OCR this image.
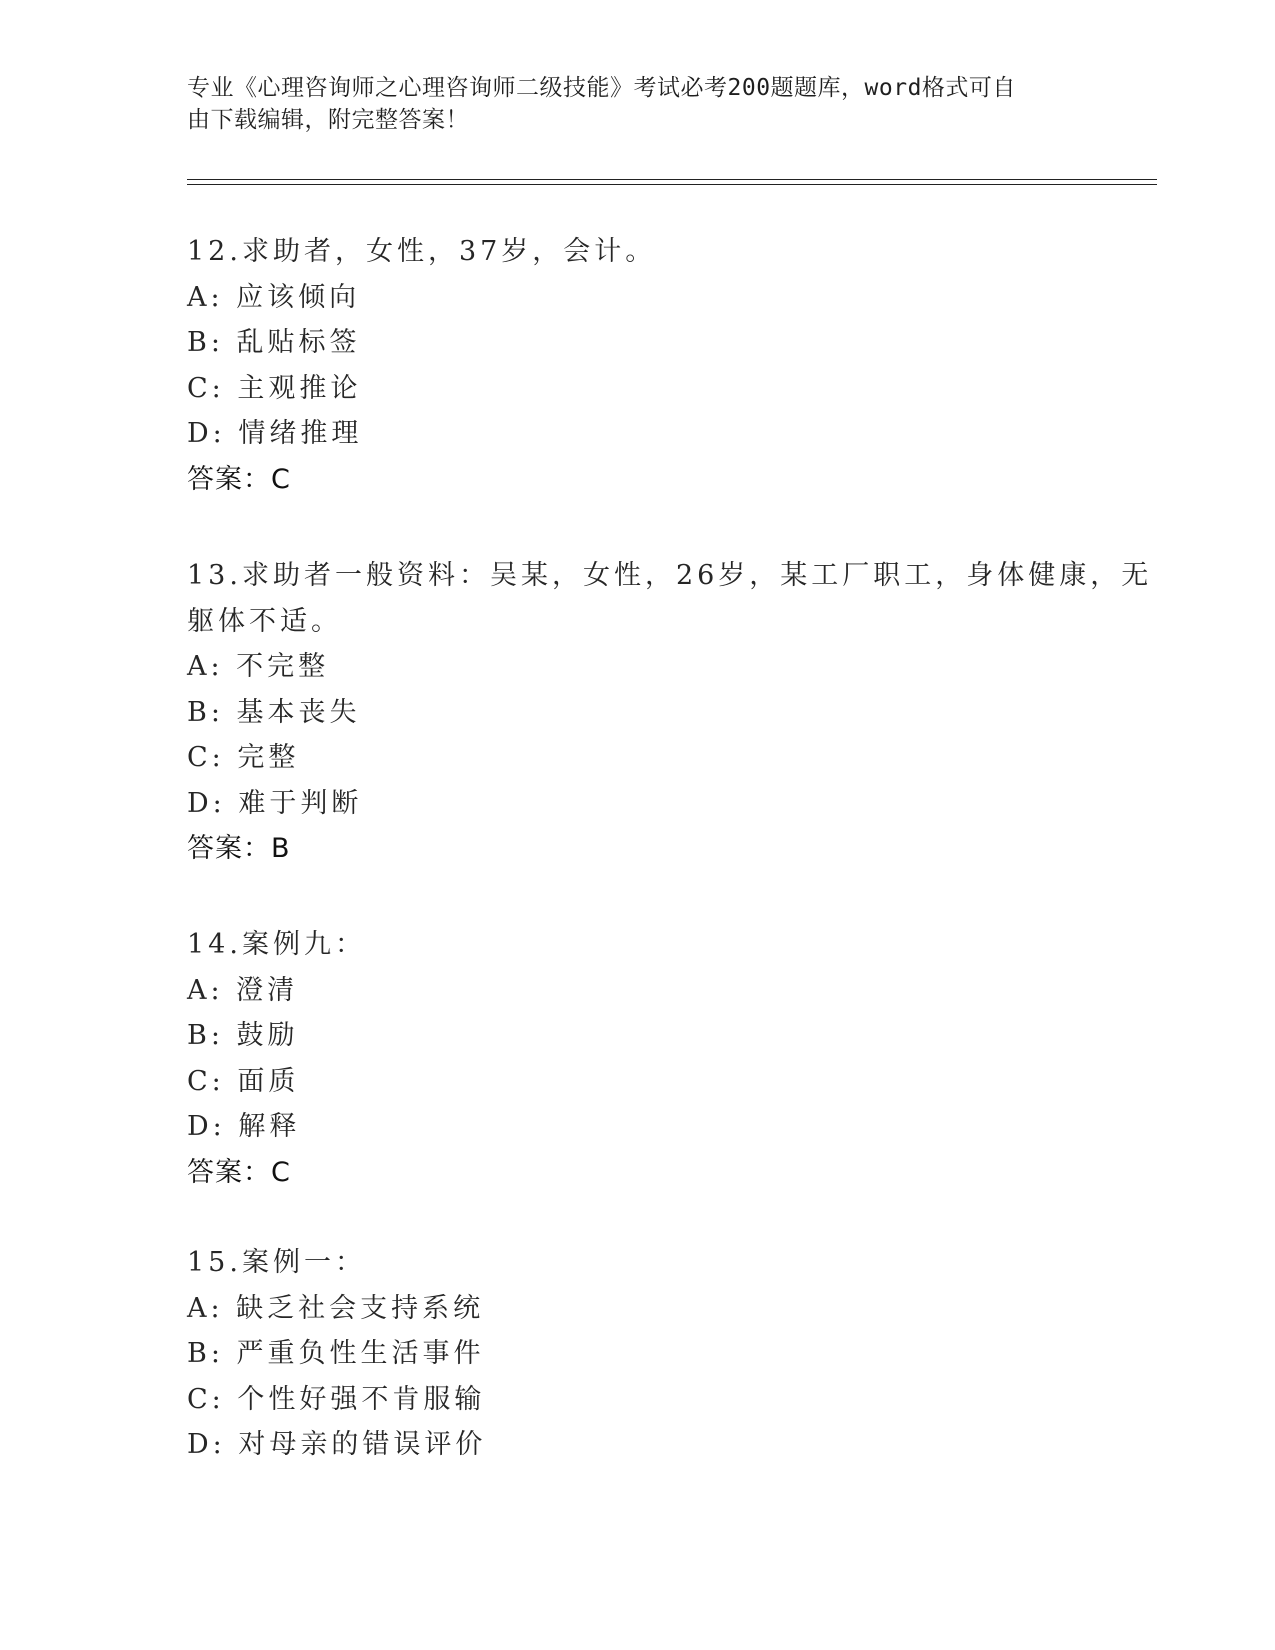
专业《心理咨询师之心理咨询师二级技能》考试必考200题题库，word格式可自
由下载编辑，附完整答案！
12.求助者，女性，37岁，会计。
A: 应该倾向
B: 乱贴标签
C: 主观推论
D: 情绪推理
答案：C
13.求助者一般资料：吴某，女性，26岁，某工厂职工，身体健康，无
躯体不适。
A: 不完整
B: 基本丧失
C: 完整
D: 难于判断
答案：B
14.案例九：
A: 澄清
B: 鼓励
C: 面质
D: 解释
答案：C
15.案例一：
A: 缺乏社会支持系统
B: 严重负性生活事件
C: 个性好强不肯服输
D: 对母亲的错误评价
